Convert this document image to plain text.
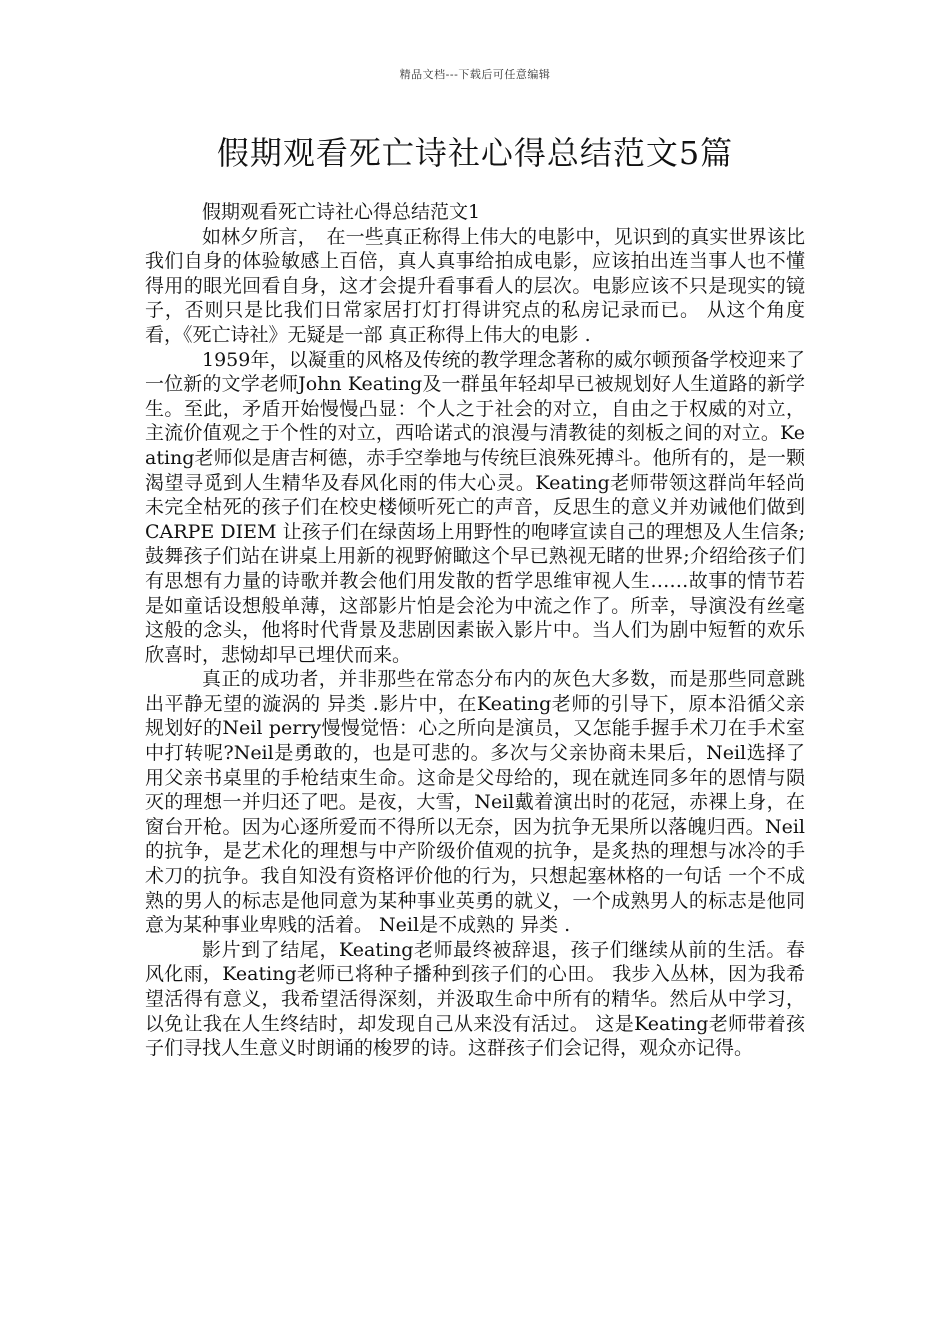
精品文档---下载后可任意编辑
假期观看死亡诗社心得总结范文5篇

假期观看死亡诗社心得总结范文1

如林夕所言，　在一些真正称得上伟大的电影中，见识到的真实世界该比我们自身的体验敏感上百倍，真人真事给拍成电影，应该拍出连当事人也不懂得用的眼光回看自身，这才会提升看事看人的层次。电影应该不只是现实的镜子，否则只是比我们日常家居打灯打得讲究点的私房记录而已。 从这个角度看，《死亡诗社》无疑是一部 真正称得上伟大的电影 .

1959年，以凝重的风格及传统的教学理念著称的威尔顿预备学校迎来了一位新的文学老师John Keating及一群虽年轻却早已被规划好人生道路的新学生。至此，矛盾开始慢慢凸显：个人之于社会的对立，自由之于权威的对立，主流价值观之于个性的对立，西哈诺式的浪漫与清教徒的刻板之间的对立。Keating老师似是唐吉柯德，赤手空拳地与传统巨浪殊死搏斗。他所有的，是一颗渴望寻觅到人生精华及春风化雨的伟大心灵。Keating老师带领这群尚年轻尚未完全枯死的孩子们在校史楼倾听死亡的声音，反思生的意义并劝诫他们做到 CARPE DIEM 让孩子们在绿茵场上用野性的咆哮宣读自己的理想及人生信条;鼓舞孩子们站在讲桌上用新的视野俯瞰这个早已熟视无睹的世界;介绍给孩子们有思想有力量的诗歌并教会他们用发散的哲学思维审视人生……故事的情节若是如童话设想般单薄，这部影片怕是会沦为中流之作了。所幸，导演没有丝毫这般的念头，他将时代背景及悲剧因素嵌入影片中。当人们为剧中短暂的欢乐欣喜时，悲恸却早已埋伏而来。

真正的成功者，并非那些在常态分布内的灰色大多数，而是那些同意跳出平静无望的漩涡的 异类 .影片中，在Keating老师的引导下，原本沿循父亲规划好的Neil perry慢慢觉悟：心之所向是演员，又怎能手握手术刀在手术室中打转呢?Neil是勇敢的，也是可悲的。多次与父亲协商未果后，Neil选择了用父亲书桌里的手枪结束生命。这命是父母给的，现在就连同多年的恩情与陨灭的理想一并归还了吧。是夜，大雪，Neil戴着演出时的花冠，赤裸上身，在窗台开枪。因为心逐所爱而不得所以无奈，因为抗争无果所以落魄归西。Neil的抗争，是艺术化的理想与中产阶级价值观的抗争，是炙热的理想与冰冷的手术刀的抗争。我自知没有资格评价他的行为，只想起塞林格的一句话 一个不成熟的男人的标志是他同意为某种事业英勇的就义，一个成熟男人的标志是他同意为某种事业卑贱的活着。 Neil是不成熟的 异类 .

影片到了结尾，Keating老师最终被辞退，孩子们继续从前的生活。春风化雨，Keating老师已将种子播种到孩子们的心田。 我步入丛林，因为我希望活得有意义，我希望活得深刻，并汲取生命中所有的精华。然后从中学习，以免让我在人生终结时，却发现自己从来没有活过。 这是Keating老师带着孩子们寻找人生意义时朗诵的梭罗的诗。这群孩子们会记得，观众亦记得。
